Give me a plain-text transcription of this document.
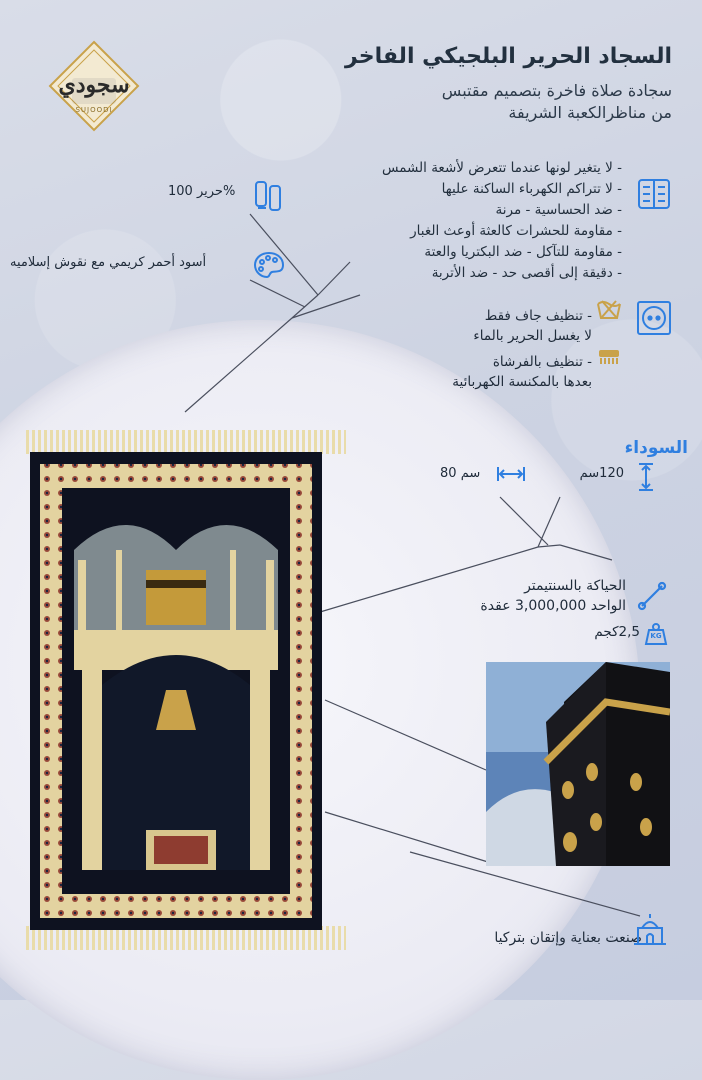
سجودي
SUJOODI
السجاد الحرير البلجيكي الفاخر
سجادة صلاة فاخرة بتصميم مقتبس
من مناظرالكعبة الشريفة
- لا يتغير لونها عندما تتعرض لأشعة الشمس
- لا تتراكم الكهرباء الساكنة عليها
- ضد الحساسية - مرنة
- مقاومة للحشرات كالعثة أوعث الغبار
- مقاومة للتآكل - ضد البكتريا والعتة
- دقيقة إلى أقصى حد - ضد الأتربة
حرير 100%
أسود أحمر كريمي مع نقوش إسلاميه
- تنظيف جاف فقط
لا يغسل الحرير بالماء
- تنظيف بالفرشاة
بعدها بالمكنسة الكهربائية
السوداء
120سم
80 سم
الحياكة بالسنتيمتر
الواحد 3,000,000 عقدة
2,5كجم	KG
صنعت بعناية وإتقان بتركيا
